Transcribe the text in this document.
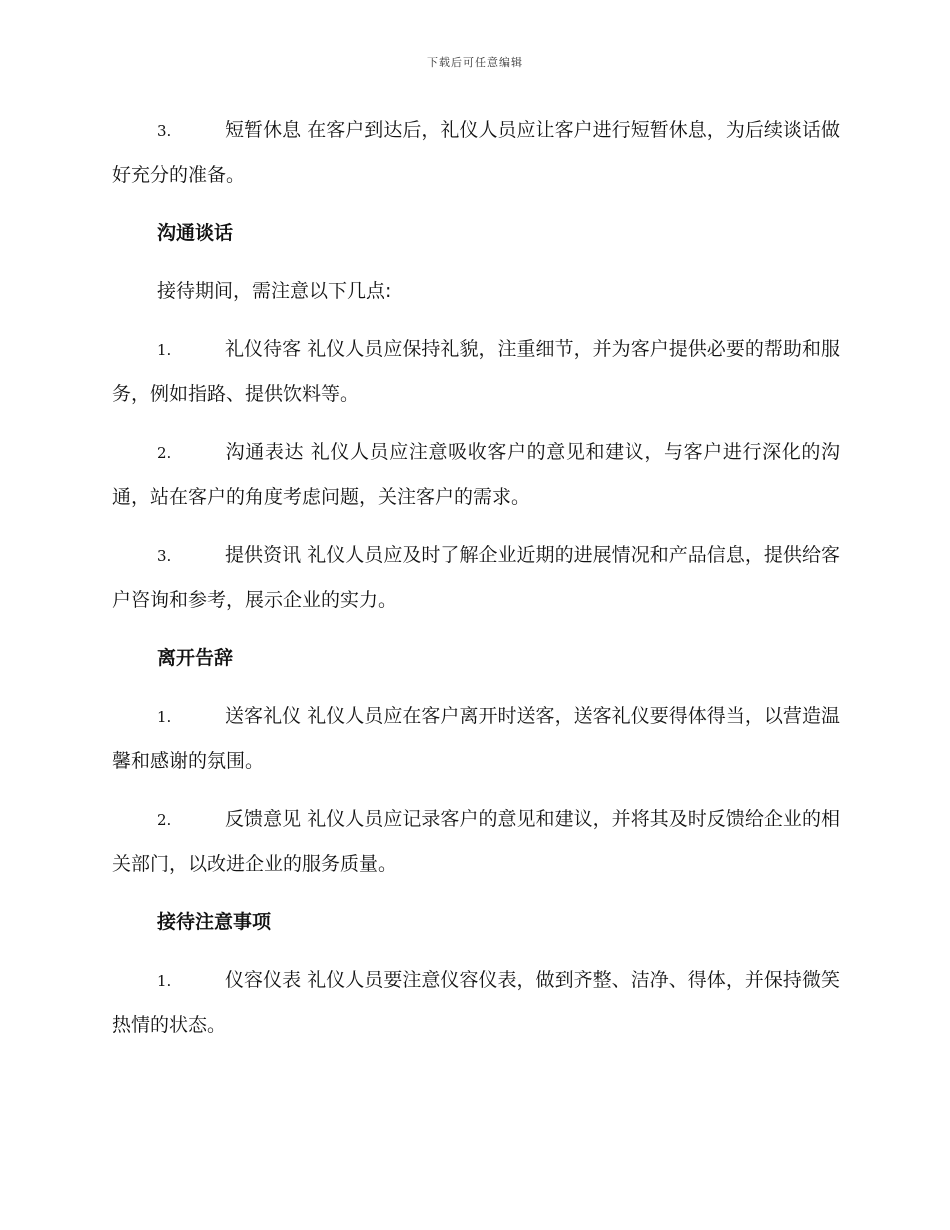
下载后可任意编辑

3.	短暂休息 在客户到达后，礼仪人员应让客户进行短暂休息，为后续谈话做好充分的准备。

沟通谈话
接待期间，需注意以下几点:

1.	礼仪待客 礼仪人员应保持礼貌，注重细节，并为客户提供必要的帮助和服务，例如指路、提供饮料等。

2.	沟通表达 礼仪人员应注意吸收客户的意见和建议，与客户进行深化的沟通，站在客户的角度考虑问题，关注客户的需求。

3.	提供资讯 礼仪人员应及时了解企业近期的进展情况和产品信息，提供给客户咨询和参考，展示企业的实力。

离开告辞

1.	送客礼仪 礼仪人员应在客户离开时送客，送客礼仪要得体得当，以营造温馨和感谢的氛围。

2.	反馈意见 礼仪人员应记录客户的意见和建议，并将其及时反馈给企业的相关部门，以改进企业的服务质量。

接待注意事项

1.	仪容仪表 礼仪人员要注意仪容仪表，做到齐整、洁净、得体，并保持微笑热情的状态。
